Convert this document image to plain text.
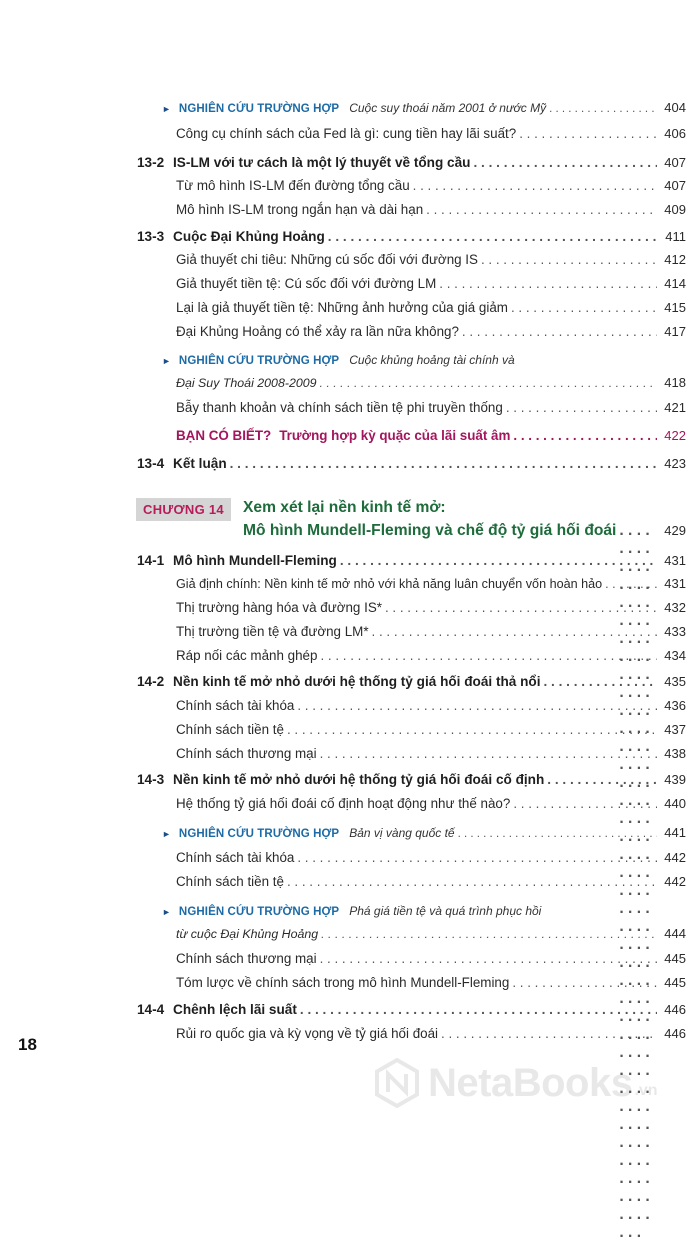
► NGHIÊN CỨU TRƯỜNG HỢP Cuộc suy thoái năm 2001 ở nước Mỹ . . .	404
Công cụ chính sách của Fed là gì: cung tiền hay lãi suất? . . .	406
13-2 IS-LM với tư cách là một lý thuyết về tổng cầu . . .	407
Từ mô hình IS-LM đến đường tổng cầu . . .	407
Mô hình IS-LM trong ngắn hạn và dài hạn . . .	409
13-3 Cuộc Đại Khủng Hoảng . . .	411
Giả thuyết chi tiêu: Những cú sốc đối với đường IS . . .	412
Giả thuyết tiền tệ: Cú sốc đối với đường LM . . .	414
Lại là giả thuyết tiền tệ: Những ảnh hưởng của giá giảm . . .	415
Đại Khủng Hoảng có thể xảy ra lần nữa không? . . .	417
► NGHIÊN CỨU TRƯỜNG HỢP Cuộc khủng hoảng tài chính và
Đại Suy Thoái 2008-2009 . . .	418
Bẫy thanh khoản và chính sách tiền tệ phi truyền thống . . .	421
BẠN CÓ BIẾT? Trường hợp kỳ quặc của lãi suất âm . . .	422
13-4 Kết luận . . .	423
CHƯƠNG 14	Xem xét lại nền kinh tế mở:
Mô hình Mundell-Fleming và chế độ tỷ giá hối đoái . . .	429
14-1 Mô hình Mundell-Fleming . . .	431
Giả định chính: Nền kinh tế mở nhỏ với khả năng luân chuyển vốn hoàn hảo . . .	431
Thị trường hàng hóa và đường IS* . . .	432
Thị trường tiền tệ và đường LM* . . .	433
Ráp nối các mảnh ghép . . .	434
14-2 Nền kinh tế mở nhỏ dưới hệ thống tỷ giá hối đoái thả nổi . . .	435
Chính sách tài khóa . . .	436
Chính sách tiền tệ . . .	437
Chính sách thương mại . . .	438
14-3 Nền kinh tế mở nhỏ dưới hệ thống tỷ giá hối đoái cố định . . .	439
Hệ thống tỷ giá hối đoái cố định hoạt động như thế nào? . . .	440
► NGHIÊN CỨU TRƯỜNG HỢP Bản vị vàng quốc tế . . .	441
Chính sách tài khóa . . .	442
Chính sách tiền tệ . . .	442
► NGHIÊN CỨU TRƯỜNG HỢP Phá giá tiền tệ và quá trình phục hồi
từ cuộc Đại Khủng Hoảng . . .	444
Chính sách thương mại . . .	445
Tóm lược về chính sách trong mô hình Mundell-Fleming . . .	445
14-4 Chênh lệch lãi suất . . .	446
Rủi ro quốc gia và kỳ vọng về tỷ giá hối đoái . . .	446
18
NetaBooks .vn
